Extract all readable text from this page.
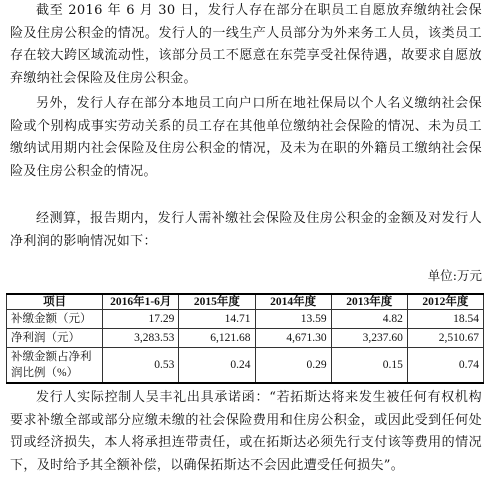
截至 2016 年 6 月 30 日，发行人存在部分在职员工自愿放弃缴纳社会保险及住房公积金的情况。发行人的一线生产人员部分为外来务工人员，该类员工存在较大跨区域流动性，该部分员工不愿意在东莞享受社保待遇，故要求自愿放弃缴纳社会保险及住房公积金。

另外，发行人存在部分本地员工向户口所在地社保局以个人名义缴纳社会保险或个别构成事实劳动关系的员工存在其他单位缴纳社会保险的情况、未为员工缴纳试用期内社会保险及住房公积金的情况，及未为在职的外籍员工缴纳社会保险及住房公积金的情况。

经测算，报告期内，发行人需补缴社会保险及住房公积金的金额及对发行人净利润的影响情况如下：

单位:万元
项目	2016年1-6月	2015年度	2014年度	2013年度	2012年度
补缴金额（元）	17.29	14.71	13.59	4.82	18.54
净利润（元）	3,283.53	6,121.68	4,671.30	3,237.60	2,510.67
补缴金额占净利润比例（%）	0.53	0.24	0.29	0.15	0.74

发行人实际控制人吴丰礼出具承诺函：“若拓斯达将来发生被任何有权机构要求补缴全部或部分应缴未缴的社会保险费用和住房公积金，或因此受到任何处罚或经济损失，本人将承担连带责任，或在拓斯达必须先行支付该等费用的情况下，及时给予其全额补偿，以确保拓斯达不会因此遭受任何损失”。
